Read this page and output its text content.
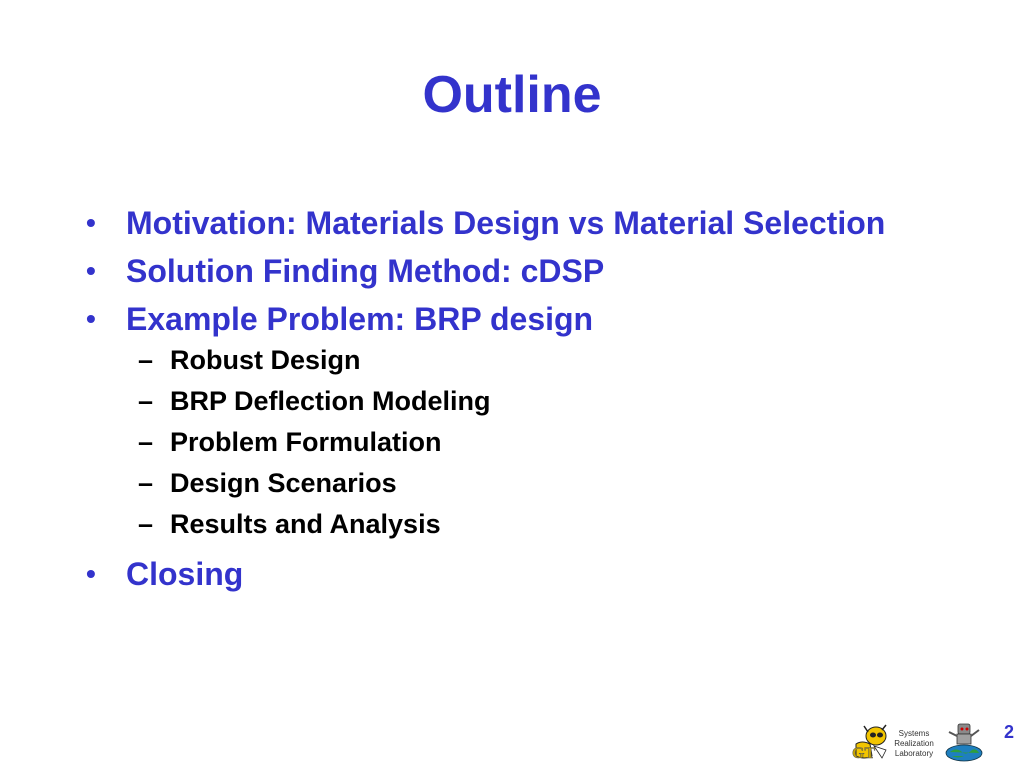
Outline
• Motivation: Materials Design vs Material Selection
• Solution Finding Method: cDSP
• Example Problem: BRP design
– Robust Design
– BRP Deflection Modeling
– Problem Formulation
– Design Scenarios
– Results and Analysis
• Closing
GT
Systems
Realization
Laboratory
2
